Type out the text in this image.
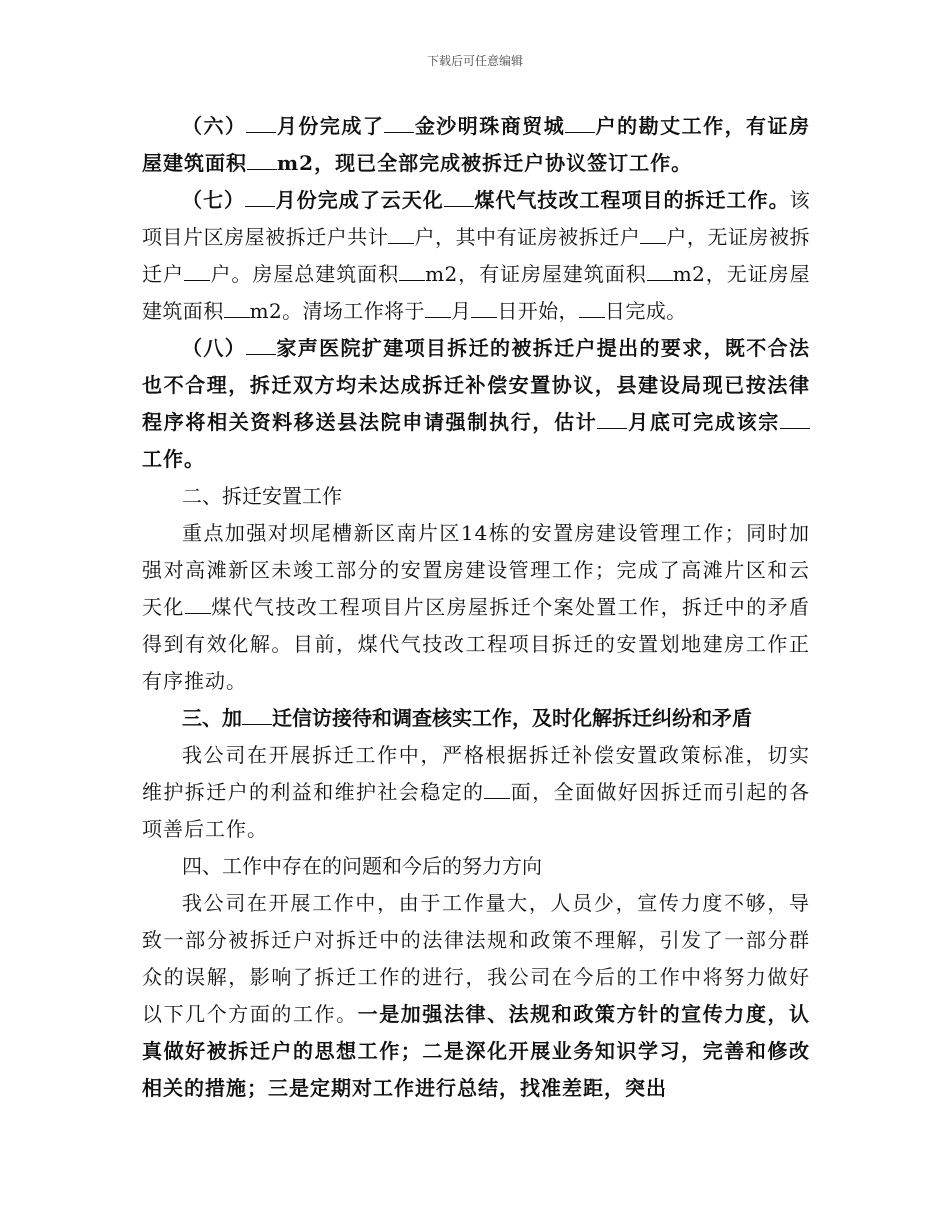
下载后可任意编辑

（六） 月份完成了 金沙明珠商贸城 户的勘丈工作，有证房屋建筑面积 m2，现已全部完成被拆迁户协议签订工作。

（七） 月份完成了云天化 煤代气技改工程项目的拆迁工作。该项目片区房屋被拆迁户共计 户，其中有证房被拆迁户 户，无证房被拆迁户 户。房屋总建筑面积 m2，有证房屋建筑面积 m2，无证房屋建筑面积 m2。清场工作将于 月 日开始， 日完成。

（八） 家声医院扩建项目拆迁的被拆迁户提出的要求，既不合法也不合理，拆迁双方均未达成拆迁补偿安置协议，县建设局现已按法律程序将相关资料移送县法院申请强制执行，估计 月底可完成该宗工作。

二、拆迁安置工作

重点加强对坝尾槽新区南片区14栋的安置房建设管理工作；同时加强对高滩新区未竣工部分的安置房建设管理工作；完成了高滩片区和云天化 煤代气技改工程项目片区房屋拆迁个案处置工作，拆迁中的矛盾得到有效化解。目前，煤代气技改工程项目拆迁的安置划地建房工作正有序推动。

三、加 迁信访接待和调查核实工作，及时化解拆迁纠纷和矛盾

我公司在开展拆迁工作中，严格根据拆迁补偿安置政策标准，切实维护拆迁户的利益和维护社会稳定的 面，全面做好因拆迁而引起的各项善后工作。

四、工作中存在的问题和今后的努力方向

我公司在开展工作中，由于工作量大，人员少，宣传力度不够，导致一部分被拆迁户对拆迁中的法律法规和政策不理解，引发了一部分群众的误解，影响了拆迁工作的进行，我公司在今后的工作中将努力做好以下几个方面的工作。一是加强法律、法规和政策方针的宣传力度，认真做好被拆迁户的思想工作；二是深化开展业务知识学习，完善和修改相关的措施；三是定期对工作进行总结，找准差距，突出
